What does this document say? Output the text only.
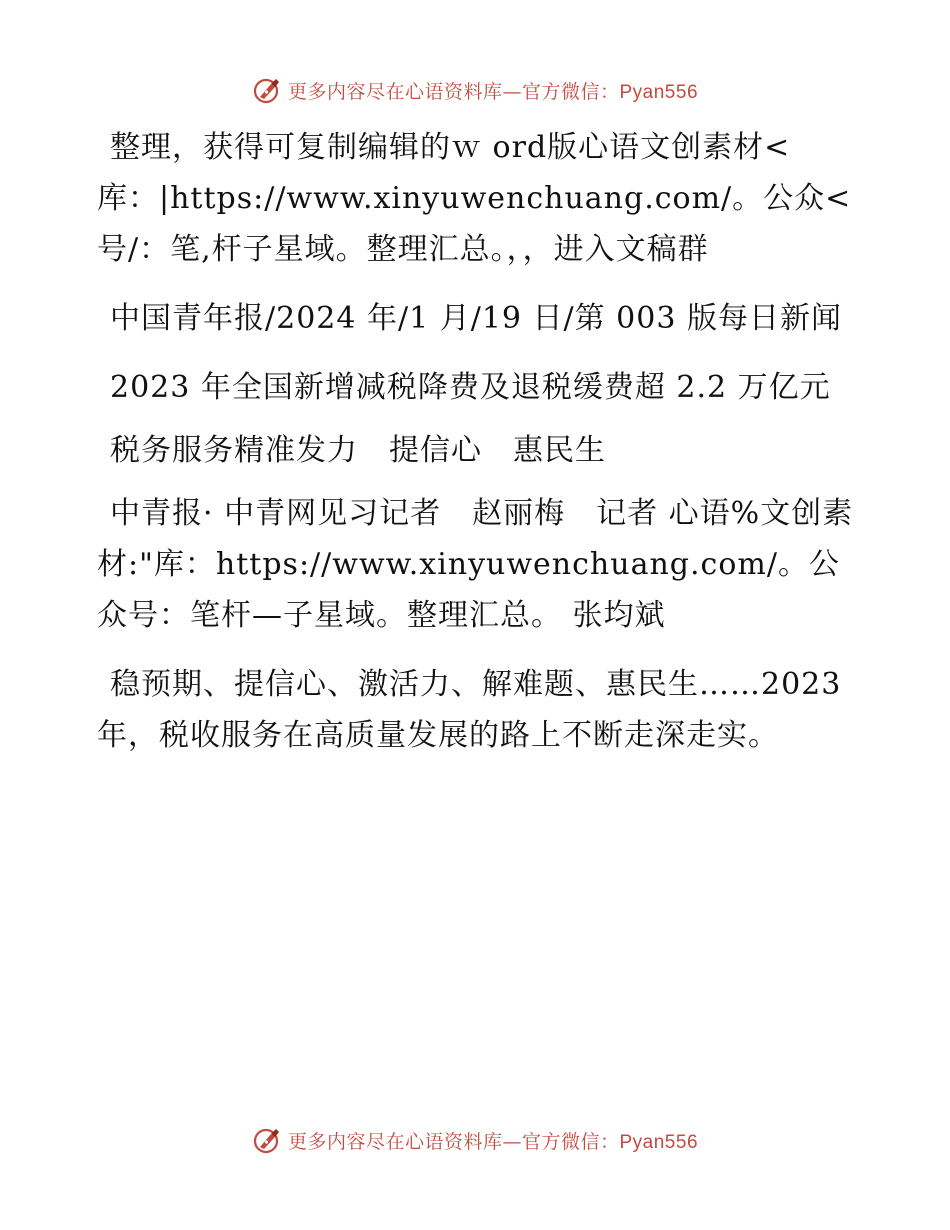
更多内容尽在心语资料库—官方微信：Pyan556

整理，获得可复制编辑的ｗ ord版心语文创素材<库：|https://www.xinyuwenchuang.com/。公众<号/：笔,杆子星域。整理汇总。，，进入文稿群

中国青年报/2024 年/1 月/19 日/第 003 版每日新闻

2023 年全国新增减税降费及退税缓费超 2.2 万亿元

税务服务精准发力　提信心　惠民生

中青报· 中青网见习记者　赵丽梅　记者 心语%文创素材:"库：https://www.xinyuwenchuang.com/。公众号：笔杆—子星域。整理汇总。 张均斌

稳预期、提信心、激活力、解难题、惠民生……2023 年，税收服务在高质量发展的路上不断走深走实。

更多内容尽在心语资料库—官方微信：Pyan556
